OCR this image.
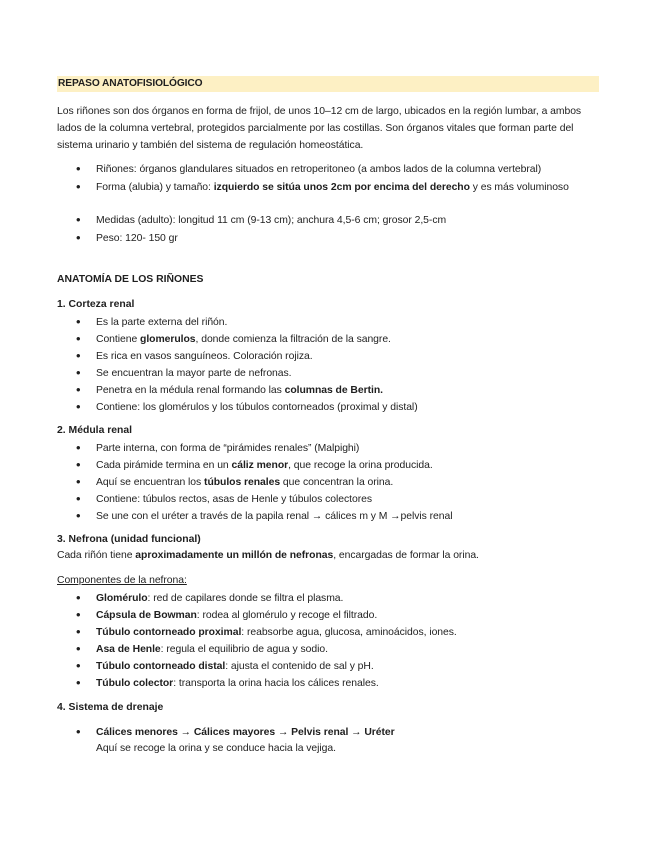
REPASO ANATOFISIOLÓGICO
Los riñones son dos órganos en forma de frijol, de unos 10–12 cm de largo, ubicados en la región lumbar, a ambos lados de la columna vertebral, protegidos parcialmente por las costillas. Son órganos vitales que forman parte del sistema urinario y también del sistema de regulación homeostática.
• Riñones: órganos glandulares situados en retroperitoneo (a ambos lados de la columna vertebral)
• Forma (alubia) y tamaño: izquierdo se sitúa unos 2cm por encima del derecho y es más voluminoso
• Medidas (adulto): longitud 11 cm (9-13 cm); anchura 4,5-6 cm; grosor 2,5-cm
• Peso: 120- 150 gr
ANATOMÍA DE LOS RIÑONES
1. Corteza renal
• Es la parte externa del riñón.
• Contiene glomerulos, donde comienza la filtración de la sangre.
• Es rica en vasos sanguíneos. Coloración rojiza.
• Se encuentran la mayor parte de nefronas.
• Penetra en la médula renal formando las columnas de Bertin.
• Contiene: los glomérulos y los túbulos contorneados (proximal y distal)
2. Médula renal
• Parte interna, con forma de “pirámides renales” (Malpighi)
• Cada pirámide termina en un cáliz menor, que recoge la orina producida.
• Aquí se encuentran los túbulos renales que concentran la orina.
• Contiene: túbulos rectos, asas de Henle y túbulos colectores
• Se une con el uréter a través de la papila renal → cálices m y M →pelvis renal
3. Nefrona (unidad funcional)
Cada riñón tiene aproximadamente un millón de nefronas, encargadas de formar la orina.
Componentes de la nefrona:
• Glomérulo: red de capilares donde se filtra el plasma.
• Cápsula de Bowman: rodea al glomérulo y recoge el filtrado.
• Túbulo contorneado proximal: reabsorbe agua, glucosa, aminoácidos, iones.
• Asa de Henle: regula el equilibrio de agua y sodio.
• Túbulo contorneado distal: ajusta el contenido de sal y pH.
• Túbulo colector: transporta la orina hacia los cálices renales.
4. Sistema de drenaje
• Cálices menores → Cálices mayores → Pelvis renal → Uréter
Aquí se recoge la orina y se conduce hacia la vejiga.
